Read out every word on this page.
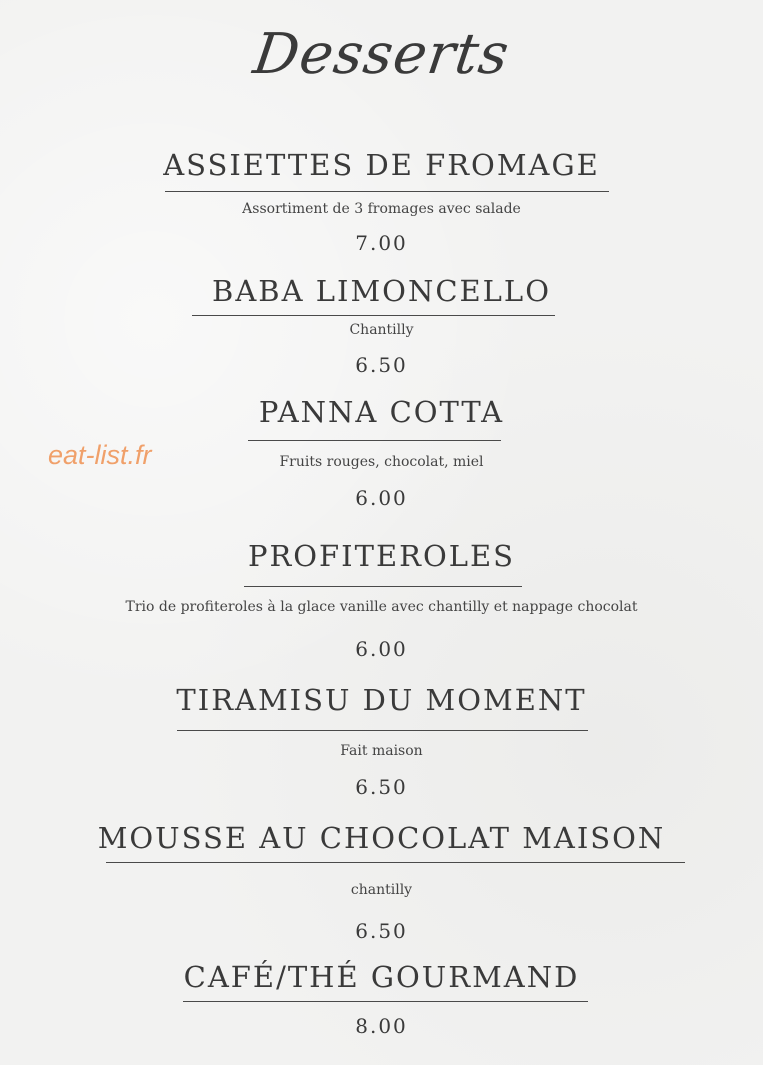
Desserts
eat-list.fr
ASSIETTES DE FROMAGE
Assortiment de 3 fromages avec salade
7.00
BABA LIMONCELLO
Chantilly
6.50
PANNA COTTA
Fruits rouges, chocolat, miel
6.00
PROFITEROLES
Trio de profiteroles à la glace vanille avec chantilly et nappage chocolat
6.00
TIRAMISU DU MOMENT
Fait maison
6.50
MOUSSE AU CHOCOLAT MAISON
chantilly
6.50
CAFÉ/THÉ GOURMAND
8.00
